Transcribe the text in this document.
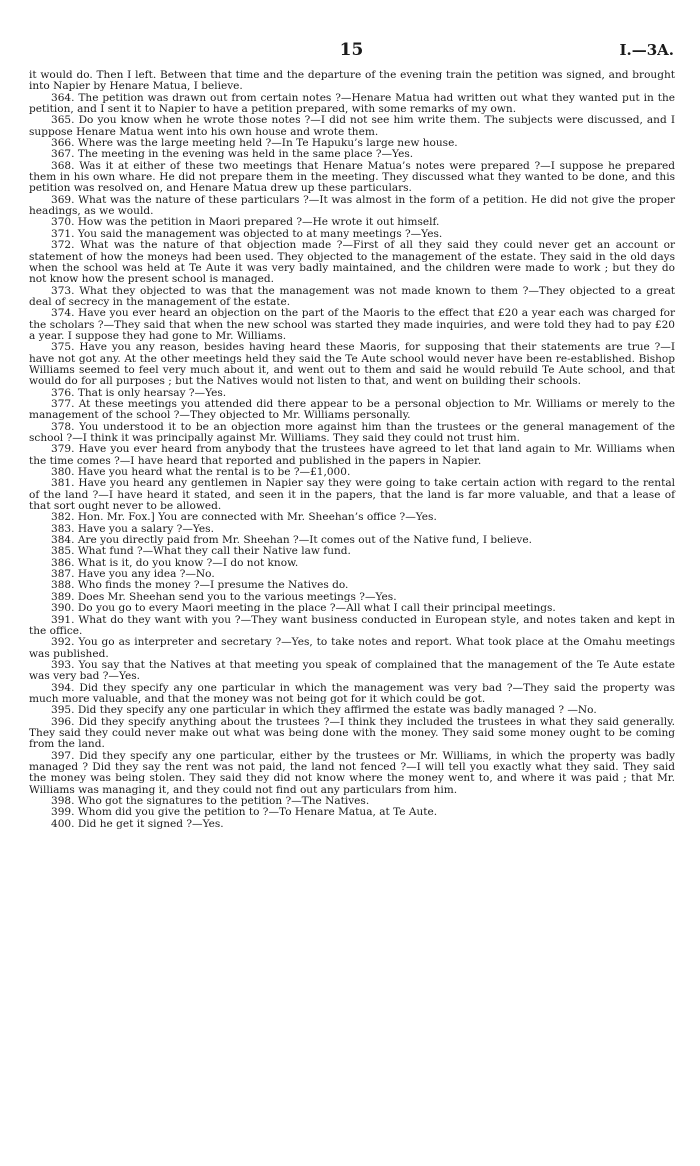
15	I.—3A.

it would do. Then I left. Between that time and the departure of the evening train the petition was signed, and brought into Napier by Henare Matua, I believe.

364. The petition was drawn out from certain notes ?—Henare Matua had written out what they wanted put in the petition, and I sent it to Napier to have a petition prepared, with some remarks of my own.

365. Do you know when he wrote those notes ?—I did not see him write them. The subjects were discussed, and I suppose Henare Matua went into his own house and wrote them.

366. Where was the large meeting held ?—In Te Hapuku’s large new house.

367. The meeting in the evening was held in the same place ?—Yes.

368. Was it at either of these two meetings that Henare Matua’s notes were prepared ?—I suppose he prepared them in his own whare. He did not prepare them in the meeting. They discussed what they wanted to be done, and this petition was resolved on, and Henare Matua drew up these particulars.

369. What was the nature of these particulars ?—It was almost in the form of a petition. He did not give the proper headings, as we would.

370. How was the petition in Maori prepared ?—He wrote it out himself.

371. You said the management was objected to at many meetings ?—Yes.

372. What was the nature of that objection made ?—First of all they said they could never get an account or statement of how the moneys had been used. They objected to the management of the estate. They said in the old days when the school was held at Te Aute it was very badly maintained, and the children were made to work ; but they do not know how the present school is managed.

373. What they objected to was that the management was not made known to them ?—They objected to a great deal of secrecy in the management of the estate.

374. Have you ever heard an objection on the part of the Maoris to the effect that £20 a year each was charged for the scholars ?—They said that when the new school was started they made inquiries, and were told they had to pay £20 a year. I suppose they had gone to Mr. Williams.

375. Have you any reason, besides having heard these Maoris, for supposing that their statements are true ?—I have not got any. At the other meetings held they said the Te Aute school would never have been re-established. Bishop Williams seemed to feel very much about it, and went out to them and said he would rebuild Te Aute school, and that would do for all purposes ; but the Natives would not listen to that, and went on building their schools.

376. That is only hearsay ?—Yes.

377. At these meetings you attended did there appear to be a personal objection to Mr. Williams or merely to the management of the school ?—They objected to Mr. Williams personally.

378. You understood it to be an objection more against him than the trustees or the general management of the school ?—I think it was principally against Mr. Williams. They said they could not trust him.

379. Have you ever heard from anybody that the trustees have agreed to let that land again to Mr. Williams when the time comes ?—I have heard that reported and published in the papers in Napier.

380. Have you heard what the rental is to be ?—£1,000.

381. Have you heard any gentlemen in Napier say they were going to take certain action with regard to the rental of the land ?—I have heard it stated, and seen it in the papers, that the land is far more valuable, and that a lease of that sort ought never to be allowed.

382. Hon. Mr. Fox.] You are connected with Mr. Sheehan’s office ?—Yes.

383. Have you a salary ?—Yes.

384. Are you directly paid from Mr. Sheehan ?—It comes out of the Native fund, I believe.

385. What fund ?—What they call their Native law fund.

386. What is it, do you know ?—I do not know.

387. Have you any idea ?—No.

388. Who finds the money ?—I presume the Natives do.

389. Does Mr. Sheehan send you to the various meetings ?—Yes.

390. Do you go to every Maori meeting in the place ?—All what I call their principal meetings.

391. What do they want with you ?—They want business conducted in European style, and notes taken and kept in the office.

392. You go as interpreter and secretary ?—Yes, to take notes and report. What took place at the Omahu meetings was published.

393. You say that the Natives at that meeting you speak of complained that the management of the Te Aute estate was very bad ?—Yes.

394. Did they specify any one particular in which the management was very bad ?—They said the property was much more valuable, and that the money was not being got for it which could be got.

395. Did they specify any one particular in which they affirmed the estate was badly managed ? —No.

396. Did they specify anything about the trustees ?—I think they included the trustees in what they said generally. They said they could never make out what was being done with the money. They said some money ought to be coming from the land.

397. Did they specify any one particular, either by the trustees or Mr. Williams, in which the property was badly managed ? Did they say the rent was not paid, the land not fenced ?—I will tell you exactly what they said. They said the money was being stolen. They said they did not know where the money went to, and where it was paid ; that Mr. Williams was managing it, and they could not find out any particulars from him.

398. Who got the signatures to the petition ?—The Natives.

399. Whom did you give the petition to ?—To Henare Matua, at Te Aute.

400. Did he get it signed ?—Yes.
